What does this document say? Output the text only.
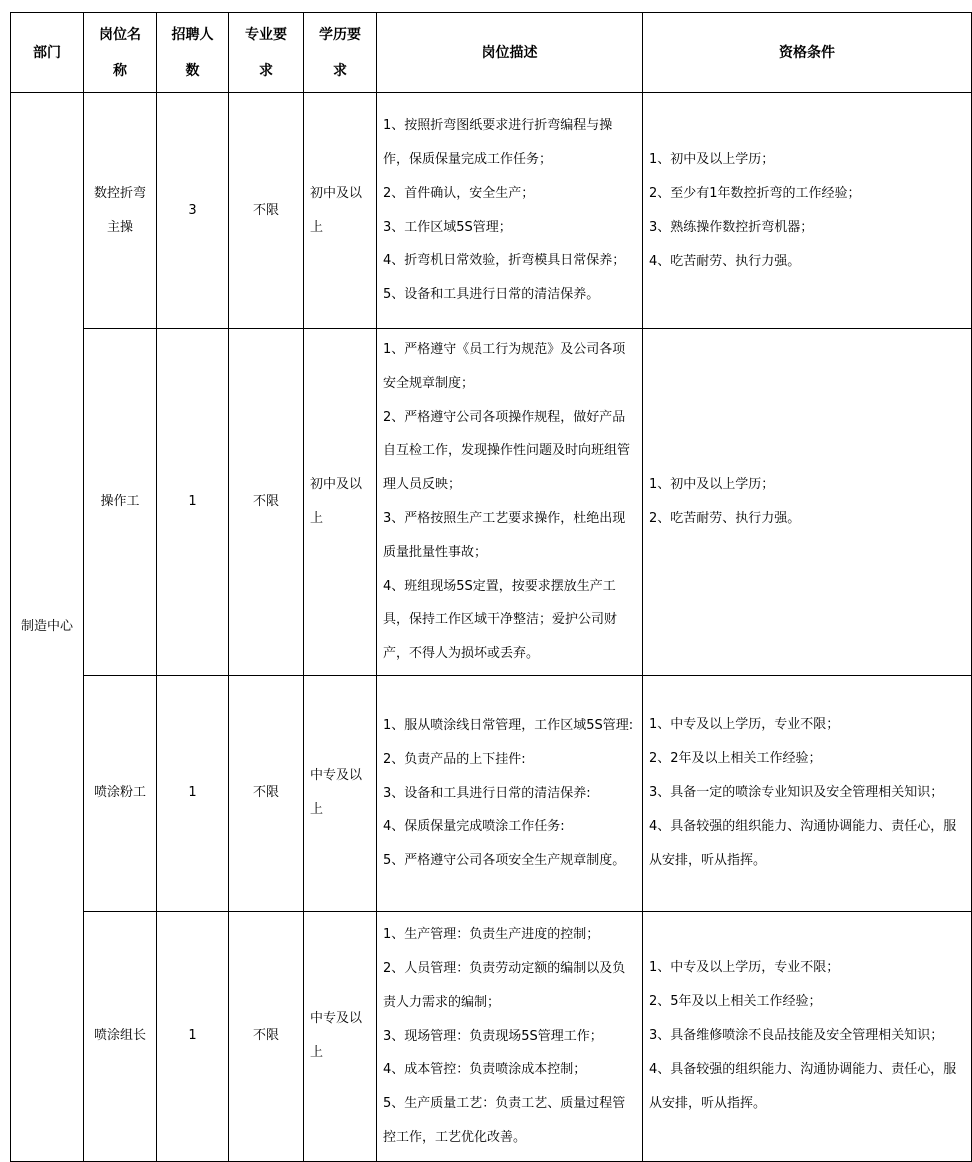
部门	岗位名称	招聘人数	专业要求	学历要求	岗位描述	资格条件
制造中心	数控折弯主操	3	不限	初中及以上	1、按照折弯图纸要求进行折弯编程与操作，保质保量完成工作任务；
2、首件确认，安全生产；
3、工作区域5S管理；
4、折弯机日常效验，折弯模具日常保养；
5、设备和工具进行日常的清洁保养。	1、初中及以上学历；
2、至少有1年数控折弯的工作经验；
3、熟练操作数控折弯机器；
4、吃苦耐劳、执行力强。

	操作工	1	不限	初中及以上	1、严格遵守《员工行为规范》及公司各项安全规章制度；
2、严格遵守公司各项操作规程，做好产品自互检工作，发现操作性问题及时向班组管理人员反映；
3、严格按照生产工艺要求操作，杜绝出现质量批量性事故；
4、班组现场5S定置，按要求摆放生产工具，保持工作区域干净整洁；爱护公司财产，不得人为损坏或丢弃。	1、初中及以上学历；
2、吃苦耐劳、执行力强。

	喷涂粉工	1	不限	中专及以上	1、服从喷涂线日常管理，工作区域5S管理:
2、负责产品的上下挂件:
3、设备和工具进行日常的清洁保养:
4、保质保量完成喷涂工作任务:
5、严格遵守公司各项安全生产规章制度。	1、中专及以上学历，专业不限；
2、2年及以上相关工作经验；
3、具备一定的喷涂专业知识及安全管理相关知识；
4、具备较强的组织能力、沟通协调能力、责任心，服从安排，听从指挥。

	喷涂组长	1	不限	中专及以上	1、生产管理：负责生产进度的控制；
2、人员管理：负责劳动定额的编制以及负责人力需求的编制；
3、现场管理：负责现场5S管理工作；
4、成本管控：负责喷涂成本控制；
5、生产质量工艺：负责工艺、质量过程管控工作，工艺优化改善。	1、中专及以上学历，专业不限；
2、5年及以上相关工作经验；
3、具备维修喷涂不良品技能及安全管理相关知识；
4、具备较强的组织能力、沟通协调能力、责任心，服从安排，听从指挥。
